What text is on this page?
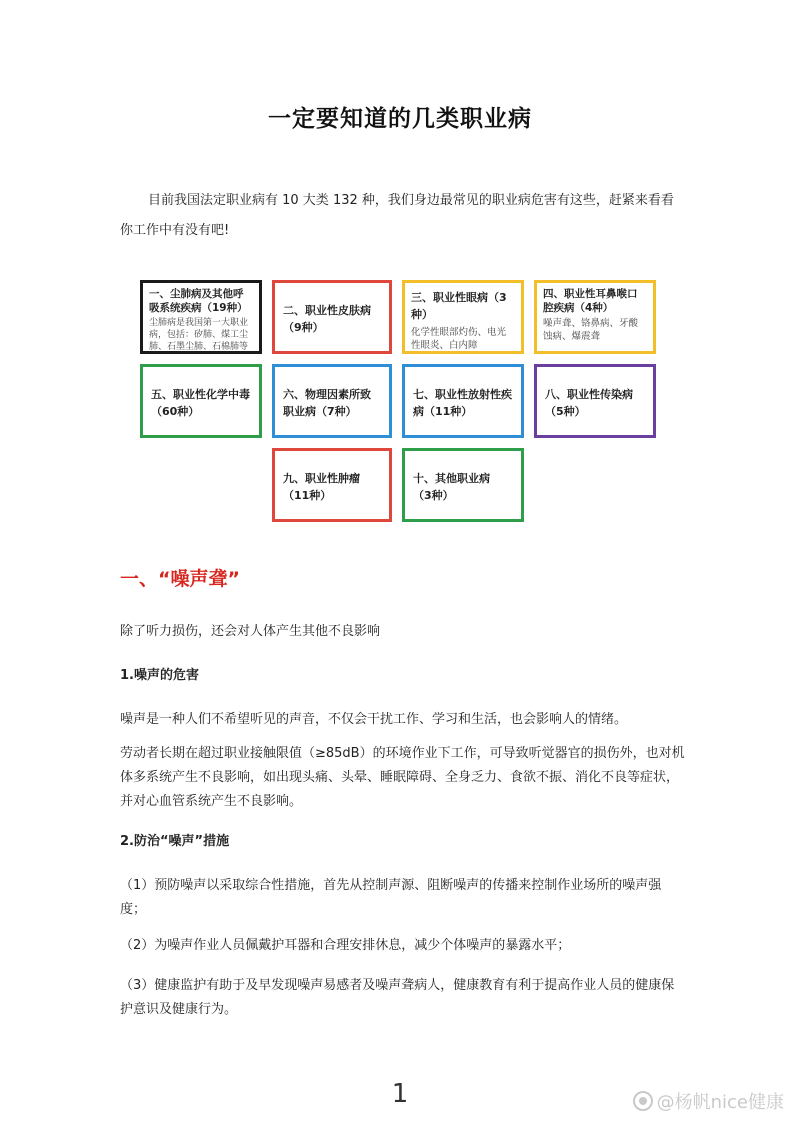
一定要知道的几类职业病
目前我国法定职业病有 10 大类 132 种，我们身边最常见的职业病危害有这些，赶紧来看看你工作中有没有吧!
一、尘肺病及其他呼吸系统疾病（19种）
尘肺病是我国第一大职业病，包括：矽肺、煤工尘肺、石墨尘肺、石棉肺等
二、职业性皮肤病
（9种）
三、职业性眼病（3种）
化学性眼部灼伤、电光性眼炎、白内障
四、职业性耳鼻喉口腔疾病（4种）
噪声聋、铬鼻病、牙酸蚀病、爆震聋
五、职业性化学中毒
（60种）
六、物理因素所致职业病（7种）
七、职业性放射性疾病（11种）
八、职业性传染病
（5种）
九、职业性肿瘤
（11种）
十、其他职业病
（3种）
一、“噪声聋”
除了听力损伤，还会对人体产生其他不良影响
1.噪声的危害
噪声是一种人们不希望听见的声音，不仅会干扰工作、学习和生活，也会影响人的情绪。
劳动者长期在超过职业接触限值（≥85dB）的环境作业下工作，可导致听觉器官的损伤外，也对机体多系统产生不良影响，如出现头痛、头晕、睡眠障碍、全身乏力、食欲不振、消化不良等症状，并对心血管系统产生不良影响。
2.防治“噪声”措施
（1）预防噪声以采取综合性措施，首先从控制声源、阻断噪声的传播来控制作业场所的噪声强度；
（2）为噪声作业人员佩戴护耳器和合理安排休息，减少个体噪声的暴露水平；
（3）健康监护有助于及早发现噪声易感者及噪声聋病人，健康教育有利于提高作业人员的健康保护意识及健康行为。
1	@杨帆nice健康
